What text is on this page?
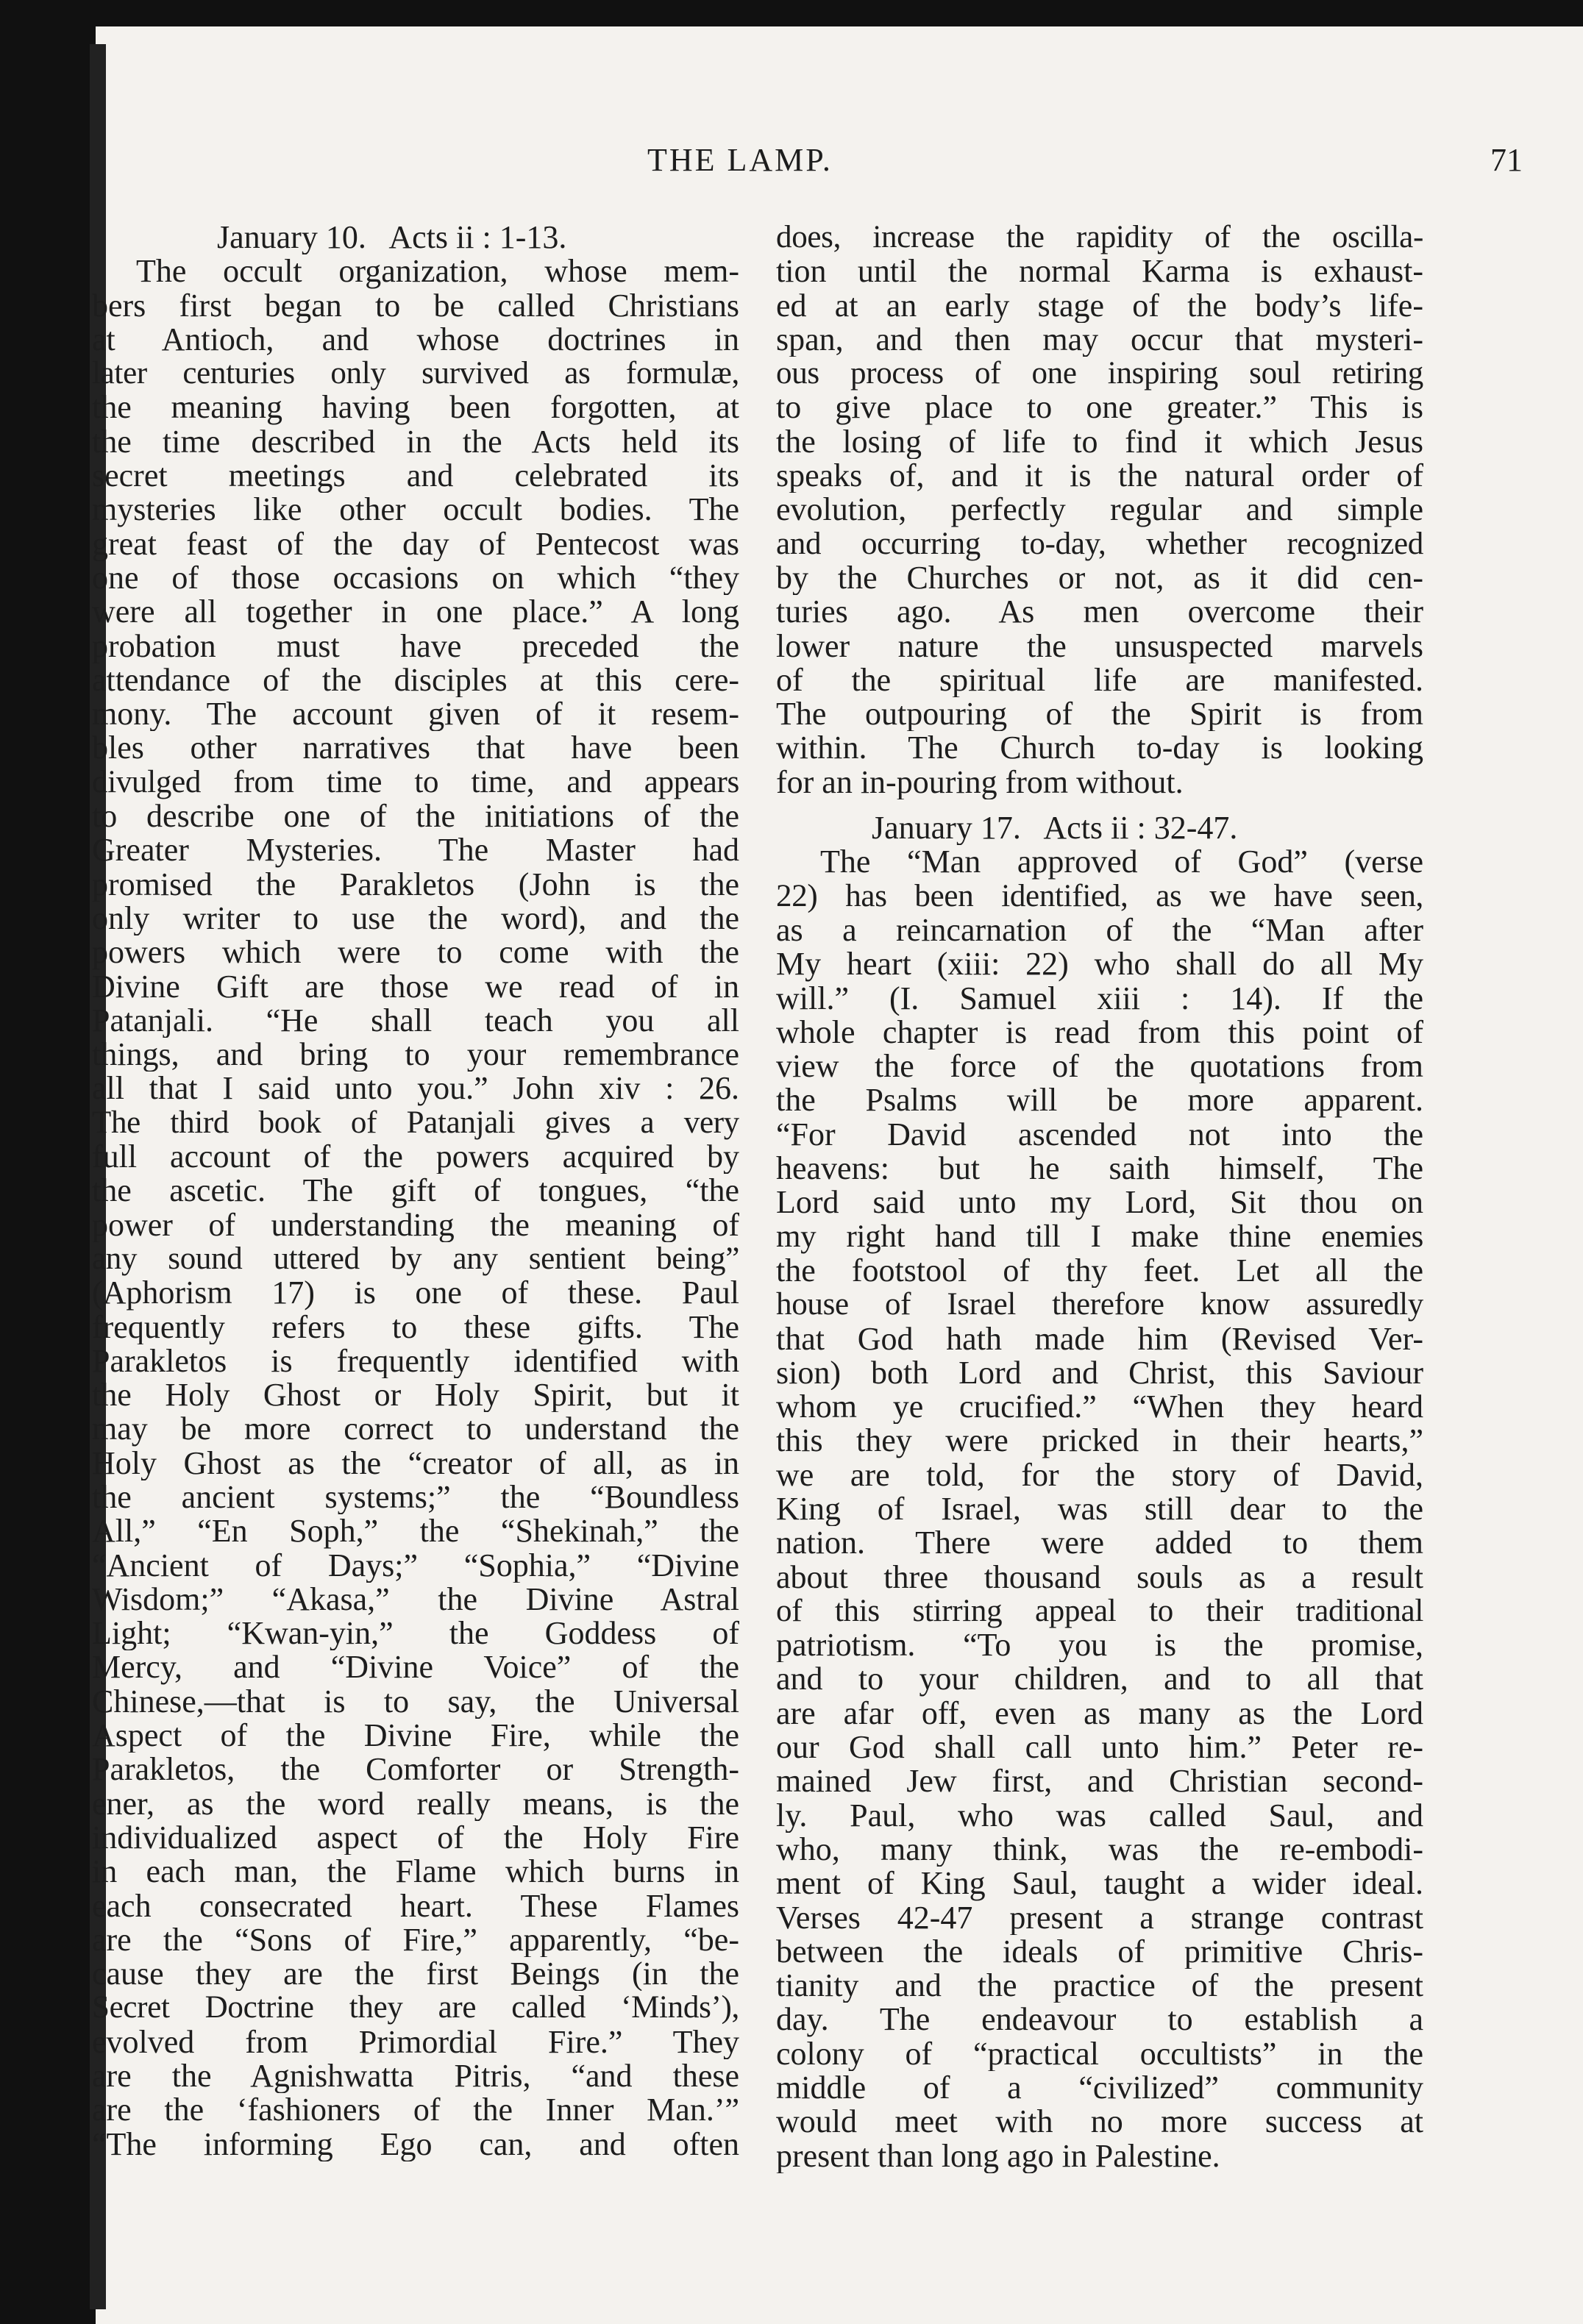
THE LAMP.	71
January 10.   Acts ii : 1-13.
The occult organization, whose mem-
bers first began to be called Christians
at Antioch, and whose doctrines in
later centuries only survived as formulæ,
the meaning having been forgotten, at
the time described in the Acts held its
secret meetings and celebrated its
mysteries like other occult bodies. The
great feast of the day of Pentecost was
one of those occasions on which “they
were all together in one place.” A long
probation must have preceded the
attendance of the disciples at this cere-
mony. The account given of it resem-
bles other narratives that have been
divulged from time to time, and appears
to describe one of the initiations of the
Greater Mysteries. The Master had
promised the Parakletos (John is the
only writer to use the word), and the
powers which were to come with the
Divine Gift are those we read of in
Patanjali. “He shall teach you all
things, and bring to your remembrance
all that I said unto you.” John xiv : 26.
The third book of Patanjali gives a very
full account of the powers acquired by
the ascetic. The gift of tongues, “the
power of understanding the meaning of
any sound uttered by any sentient being”
(Aphorism 17) is one of these. Paul
frequently refers to these gifts. The
Parakletos is frequently identified with
the Holy Ghost or Holy Spirit, but it
may be more correct to understand the
Holy Ghost as the “creator of all, as in
the ancient systems;” the “Boundless
All,” “En Soph,” the “Shekinah,” the
“Ancient of Days;” “Sophia,” “Divine
Wisdom;” “Akasa,” the Divine Astral
Light; “Kwan-yin,” the Goddess of
Mercy, and “Divine Voice” of the
Chinese,—that is to say, the Universal
Aspect of the Divine Fire, while the
Parakletos, the Comforter or Strength-
ener, as the word really means, is the
individualized aspect of the Holy Fire
in each man, the Flame which burns in
each consecrated heart. These Flames
are the “Sons of Fire,” apparently, “be-
cause they are the first Beings (in the
Secret Doctrine they are called ‘Minds’),
evolved from Primordial Fire.” They
are the Agnishwatta Pitris, “and these
are the ‘fashioners of the Inner Man.’”
“The informing Ego can, and often
does, increase the rapidity of the oscilla-
tion until the normal Karma is exhaust-
ed at an early stage of the body’s life-
span, and then may occur that mysteri-
ous process of one inspiring soul retiring
to give place to one greater.” This is
the losing of life to find it which Jesus
speaks of, and it is the natural order of
evolution, perfectly regular and simple
and occurring to-day, whether recognized
by the Churches or not, as it did cen-
turies ago. As men overcome their
lower nature the unsuspected marvels
of the spiritual life are manifested.
The outpouring of the Spirit is from
within. The Church to-day is looking
for an in-pouring from without.
January 17.   Acts ii : 32-47.
The “Man approved of God” (verse
22) has been identified, as we have seen,
as a reincarnation of the “Man after
My heart (xiii: 22) who shall do all My
will.” (I. Samuel xiii : 14). If the
whole chapter is read from this point of
view the force of the quotations from
the Psalms will be more apparent.
“For David ascended not into the
heavens: but he saith himself, The
Lord said unto my Lord, Sit thou on
my right hand till I make thine enemies
the footstool of thy feet. Let all the
house of Israel therefore know assuredly
that God hath made him (Revised Ver-
sion) both Lord and Christ, this Saviour
whom ye crucified.” “When they heard
this they were pricked in their hearts,”
we are told, for the story of David,
King of Israel, was still dear to the
nation. There were added to them
about three thousand souls as a result
of this stirring appeal to their traditional
patriotism. “To you is the promise,
and to your children, and to all that
are afar off, even as many as the Lord
our God shall call unto him.” Peter re-
mained Jew first, and Christian second-
ly. Paul, who was called Saul, and
who, many think, was the re-embodi-
ment of King Saul, taught a wider ideal.
Verses 42-47 present a strange contrast
between the ideals of primitive Chris-
tianity and the practice of the present
day. The endeavour to establish a
colony of “practical occultists” in the
middle of a “civilized” community
would meet with no more success at
present than long ago in Palestine.
